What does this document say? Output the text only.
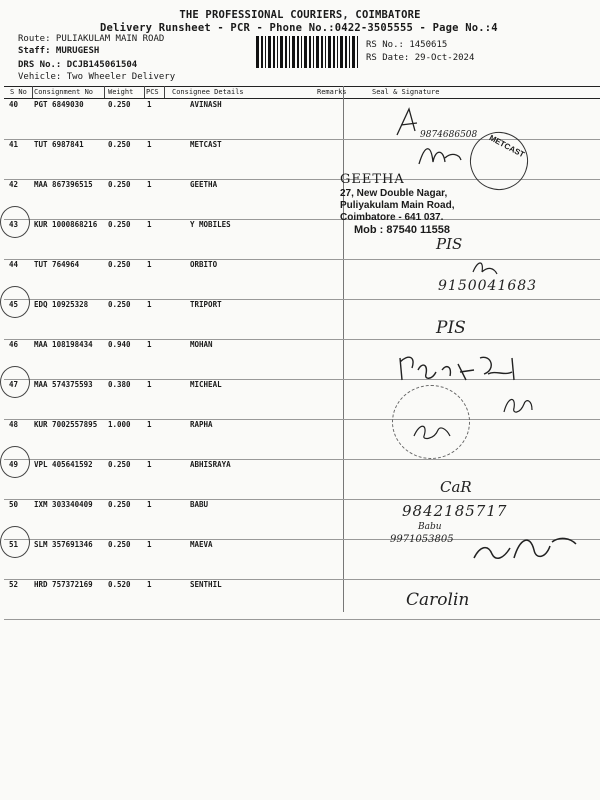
THE PROFESSIONAL COURIERS, COIMBATORE
Delivery Runsheet - PCR - Phone No.:0422-3505555 - Page No.:4
Route: PULIAKULAM MAIN ROAD
Staff: MURUGESH
DRS No.: DCJB145061504
Vehicle: Two Wheeler Delivery
RS No.: 1450615
RS Date: 29-Oct-2024
S No Consignment No Weight PCS Consignee Details	Remarks	Seal & Signature
40 PGT 6849030	0.250 1	AVINASH
41 TUT 6987841	0.250 1	METCAST
42 MAA 867396515 0.250 1	GEETHA
43 KUR 1000868216 0.250 1	Y MOBILES
44 TUT 764964	0.250 1	ORBITO
45 EDQ 10925328	0.250 1	TRIPORT
46 MAA 108198434 0.940 1	MOHAN
47 MAA 574375593 0.380 1	MICHEAL
48 KUR 7002557895 1.000 1	RAPHA
49 VPL 405641592 0.250 1	ABHISRAYA
50 IXM 303340409 0.250 1	BABU
51 SLM 357691346 0.250 1	MAEVA
52 HRD 757372169 0.520 1	SENTHIL
GEETHA
27, New Double Nagar,
Puliyakulam Main Road,
Coimbatore - 641 037.
Mob : 87540 11558
METCAST
9874686508
PIS
9150041683
PIS
CaR
9842185717
Babu
9971053805
Carolin
